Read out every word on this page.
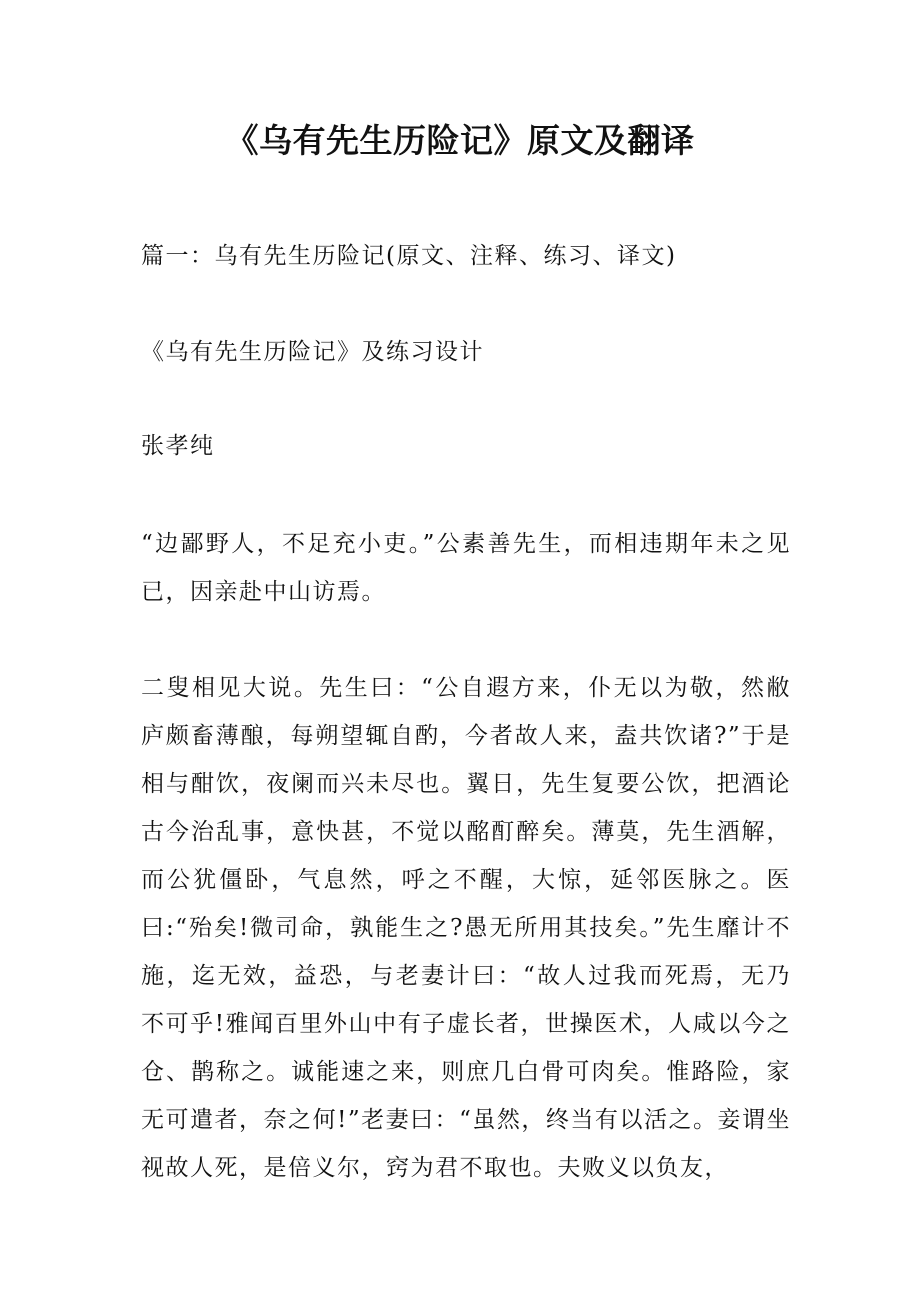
《乌有先生历险记》原文及翻译

篇一：乌有先生历险记(原文、注释、练习、译文)

《乌有先生历险记》及练习设计

张孝纯

“边鄙野人，不足充小吏。”公素善先生，而相违期年未之见已，因亲赴中山访焉。

二叟相见大说。先生曰：“公自遐方来，仆无以为敬，然敝庐颇畜薄酿，每朔望辄自酌，今者故人来，盍共饮诸?”于是相与酣饮，夜阑而兴未尽也。翼日，先生复要公饮，把酒论古今治乱事，意快甚，不觉以酩酊醉矣。薄莫，先生酒解，而公犹僵卧，气息然，呼之不醒，大惊，延邻医脉之。医曰:“殆矣!微司命，孰能生之?愚无所用其技矣。”先生靡计不施，迄无效，益恐，与老妻计曰：“故人过我而死焉，无乃不可乎!雅闻百里外山中有子虚长者，世操医术，人咸以今之仓、鹊称之。诚能速之来，则庶几白骨可肉矣。惟路险，家无可遣者，奈之何!”老妻曰：“虽然，终当有以活之。妾谓坐视故人死，是倍义尔，窍为君不取也。夫败义以负友，
